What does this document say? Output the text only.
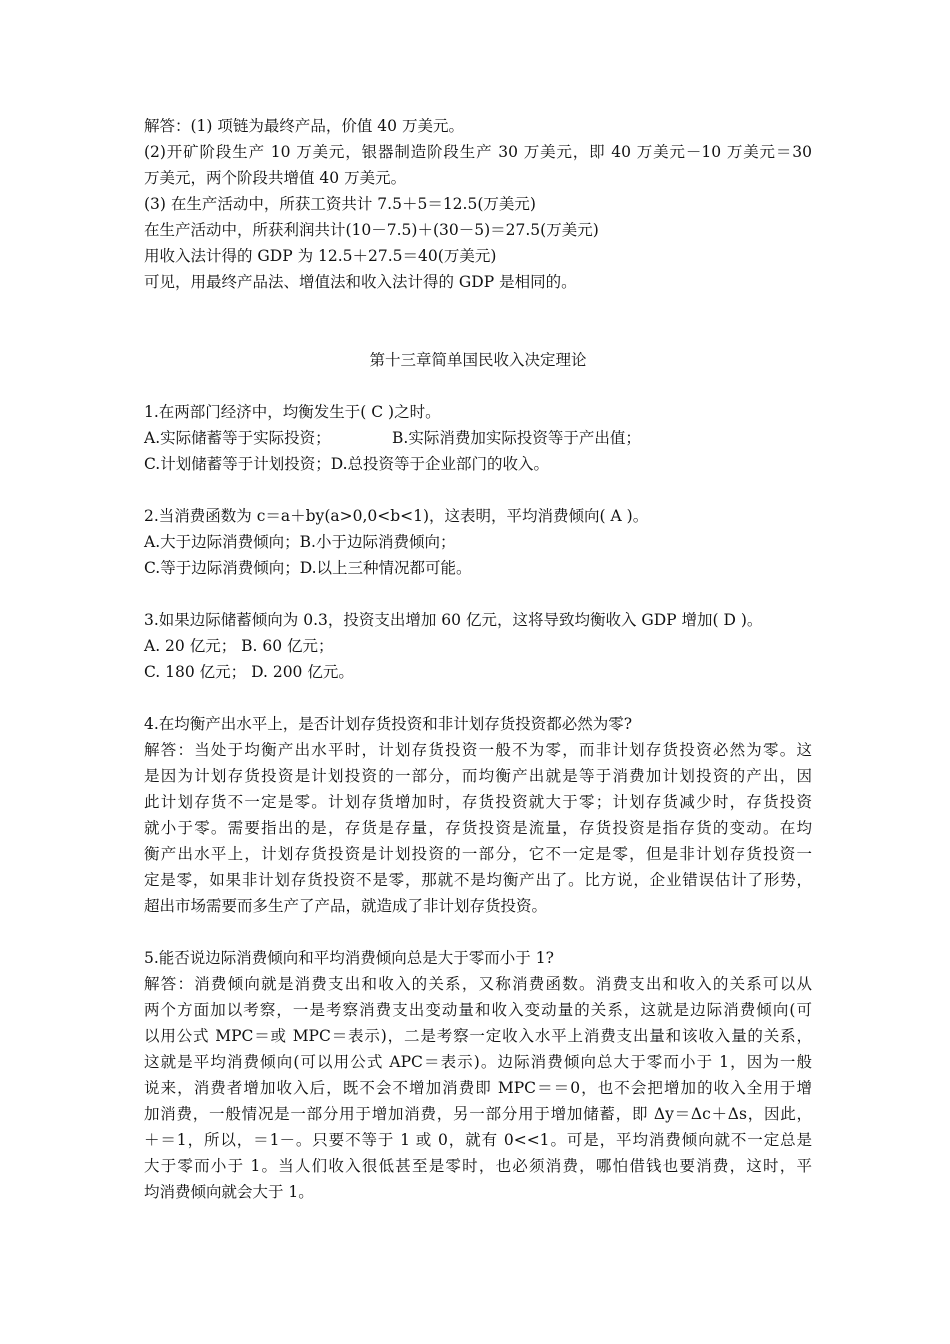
解答：(1) 项链为最终产品，价值 40 万美元。
(2)开矿阶段生产 10 万美元，银器制造阶段生产 30 万美元，即 40 万美元－10 万美元＝30
万美元，两个阶段共增值 40 万美元。
(3) 在生产活动中，所获工资共计 7.5＋5＝12.5(万美元)
在生产活动中，所获利润共计(10－7.5)＋(30－5)＝27.5(万美元)
用收入法计得的 GDP 为 12.5＋27.5＝40(万美元)
可见，用最终产品法、增值法和收入法计得的 GDP 是相同的。
第十三章简单国民收入决定理论
1.在两部门经济中，均衡发生于( C )之时。
A.实际储蓄等于实际投资；	B.实际消费加实际投资等于产出值；
C.计划储蓄等于计划投资；D.总投资等于企业部门的收入。
2.当消费函数为 c＝a＋by(a>0,0<b<1)，这表明，平均消费倾向( A )。
A.大于边际消费倾向；B.小于边际消费倾向；
C.等于边际消费倾向；D.以上三种情况都可能。
3.如果边际储蓄倾向为 0.3，投资支出增加 60 亿元，这将导致均衡收入 GDP 增加( D )。
A. 20 亿元； B. 60 亿元；
C. 180 亿元； D. 200 亿元。
4.在均衡产出水平上，是否计划存货投资和非计划存货投资都必然为零?
解答：当处于均衡产出水平时，计划存货投资一般不为零，而非计划存货投资必然为零。这
是因为计划存货投资是计划投资的一部分，而均衡产出就是等于消费加计划投资的产出，因
此计划存货不一定是零。计划存货增加时，存货投资就大于零；计划存货减少时，存货投资
就小于零。需要指出的是，存货是存量，存货投资是流量，存货投资是指存货的变动。在均
衡产出水平上，计划存货投资是计划投资的一部分，它不一定是零，但是非计划存货投资一
定是零，如果非计划存货投资不是零，那就不是均衡产出了。比方说，企业错误估计了形势，
超出市场需要而多生产了产品，就造成了非计划存货投资。
5.能否说边际消费倾向和平均消费倾向总是大于零而小于 1?
解答：消费倾向就是消费支出和收入的关系，又称消费函数。消费支出和收入的关系可以从
两个方面加以考察，一是考察消费支出变动量和收入变动量的关系，这就是边际消费倾向(可
以用公式 MPC＝或 MPC＝表示)，二是考察一定收入水平上消费支出量和该收入量的关系，
这就是平均消费倾向(可以用公式 APC＝表示)。边际消费倾向总大于零而小于 1，因为一般
说来，消费者增加收入后，既不会不增加消费即 MPC＝＝0，也不会把增加的收入全用于增
加消费，一般情况是一部分用于增加消费，另一部分用于增加储蓄，即 Δy＝Δc＋Δs，因此，
＋＝1，所以，＝1－。只要不等于 1 或 0，就有 0<<1。可是，平均消费倾向就不一定总是
大于零而小于 1。当人们收入很低甚至是零时，也必须消费，哪怕借钱也要消费，这时，平
均消费倾向就会大于 1。
